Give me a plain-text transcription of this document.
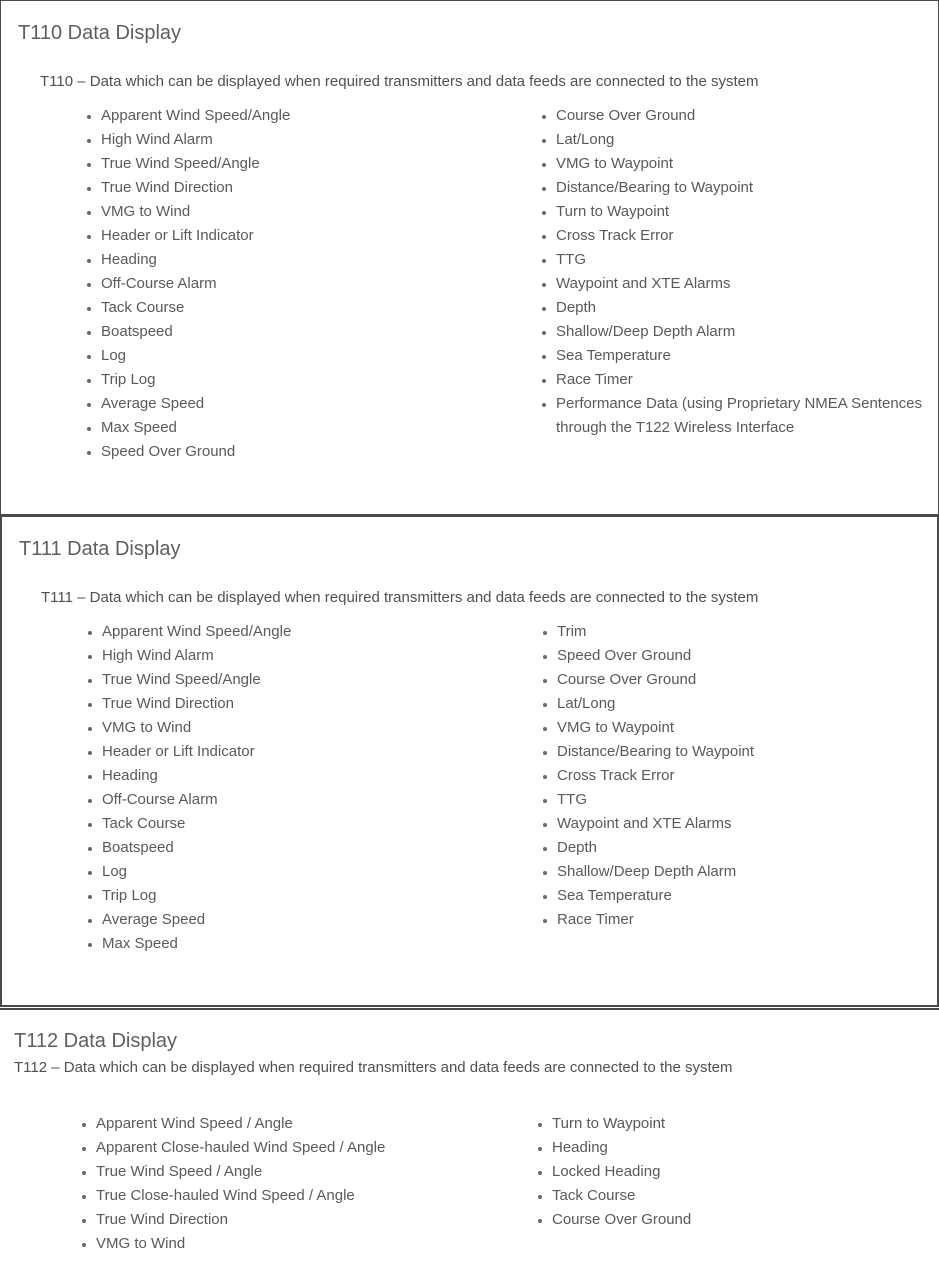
T110 Data Display

T110 – Data which can be displayed when required transmitters and data feeds are connected to the system

• Apparent Wind Speed/Angle
• High Wind Alarm
• True Wind Speed/Angle
• True Wind Direction
• VMG to Wind
• Header or Lift Indicator
• Heading
• Off-Course Alarm
• Tack Course
• Boatspeed
• Log
• Trip Log
• Average Speed
• Max Speed
• Speed Over Ground
• Course Over Ground
• Lat/Long
• VMG to Waypoint
• Distance/Bearing to Waypoint
• Turn to Waypoint
• Cross Track Error
• TTG
• Waypoint and XTE Alarms
• Depth
• Shallow/Deep Depth Alarm
• Sea Temperature
• Race Timer
• Performance Data (using Proprietary NMEA Sentences through the T122 Wireless Interface
T111 Data Display

T111 – Data which can be displayed when required transmitters and data feeds are connected to the system

• Apparent Wind Speed/Angle
• High Wind Alarm
• True Wind Speed/Angle
• True Wind Direction
• VMG to Wind
• Header or Lift Indicator
• Heading
• Off-Course Alarm
• Tack Course
• Boatspeed
• Log
• Trip Log
• Average Speed
• Max Speed
• Trim
• Speed Over Ground
• Course Over Ground
• Lat/Long
• VMG to Waypoint
• Distance/Bearing to Waypoint
• Cross Track Error
• TTG
• Waypoint and XTE Alarms
• Depth
• Shallow/Deep Depth Alarm
• Sea Temperature
• Race Timer
T112 Data Display

T112 – Data which can be displayed when required transmitters and data feeds are connected to the system

• Apparent Wind Speed / Angle
• Apparent Close-hauled Wind Speed / Angle
• True Wind Speed / Angle
• True Close-hauled Wind Speed / Angle
• True Wind Direction
• VMG to Wind
• Turn to Waypoint
• Heading
• Locked Heading
• Tack Course
• Course Over Ground
